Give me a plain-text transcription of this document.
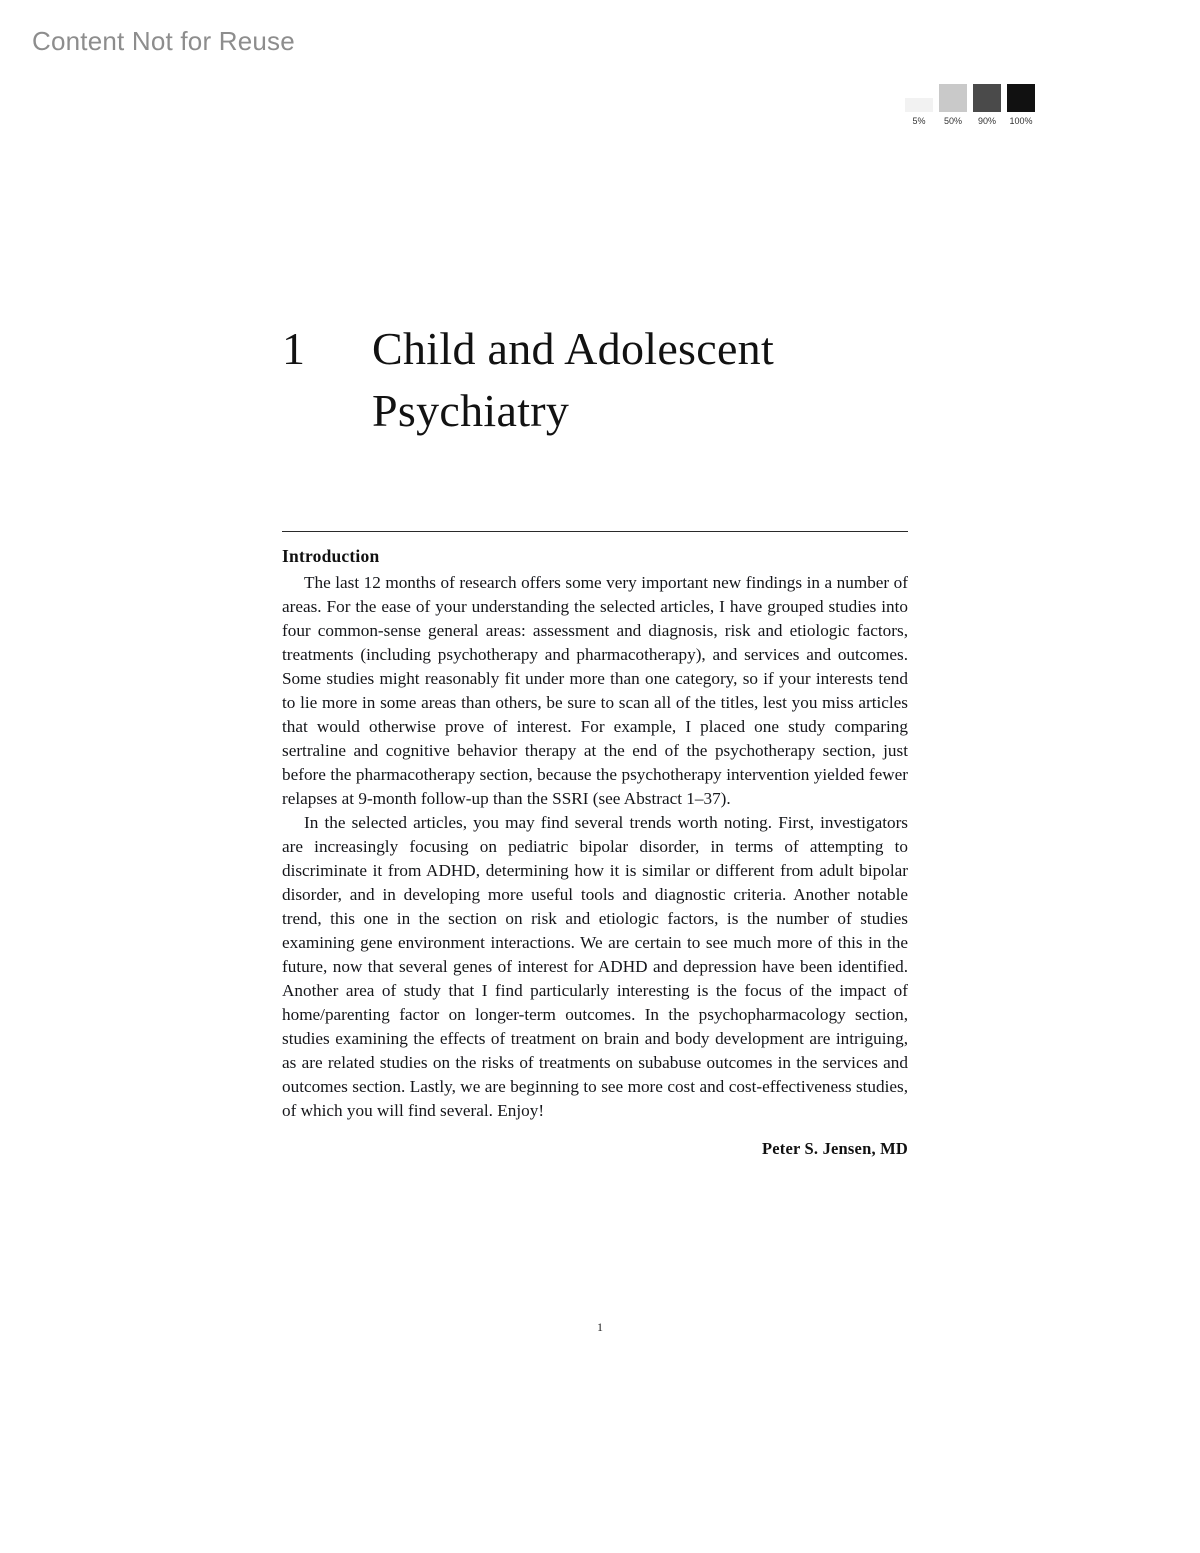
Content Not for Reuse
5% 50% 90% 100%
1	Child and Adolescent Psychiatry
Introduction

The last 12 months of research offers some very important new findings in a number of areas. For the ease of your understanding the selected articles, I have grouped studies into four common-sense general areas: assessment and diagnosis, risk and etiologic factors, treatments (including psychotherapy and pharmacotherapy), and services and outcomes. Some studies might reasonably fit under more than one category, so if your interests tend to lie more in some areas than others, be sure to scan all of the titles, lest you miss articles that would otherwise prove of interest. For example, I placed one study comparing sertraline and cognitive behavior therapy at the end of the psychotherapy section, just before the pharmacotherapy section, because the psychotherapy intervention yielded fewer relapses at 9-month follow-up than the SSRI (see Abstract 1–37).

In the selected articles, you may find several trends worth noting. First, investigators are increasingly focusing on pediatric bipolar disorder, in terms of attempting to discriminate it from ADHD, determining how it is similar or different from adult bipolar disorder, and in developing more useful tools and diagnostic criteria. Another notable trend, this one in the section on risk and etiologic factors, is the number of studies examining gene environment interactions. We are certain to see much more of this in the future, now that several genes of interest for ADHD and depression have been identified. Another area of study that I find particularly interesting is the focus of the impact of home/parenting factor on longer-term outcomes. In the psychopharmacology section, studies examining the effects of treatment on brain and body development are intriguing, as are related studies on the risks of treatments on subabuse outcomes in the services and outcomes section. Lastly, we are beginning to see more cost and cost-effectiveness studies, of which you will find several. Enjoy!

Peter S. Jensen, MD
1
